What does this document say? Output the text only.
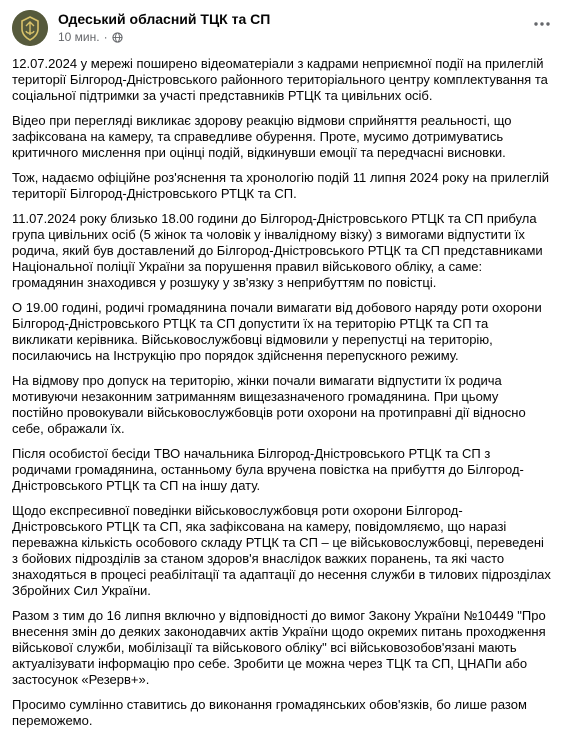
Одеський обласний ТЦК та СП
10 мин. ·

12.07.2024 у мережі поширено відеоматеріали з кадрами неприємної події на прилеглій території Білгород-Дністровського районного територіального центру комплектування та соціальної підтримки за участі представників РТЦК та цивільних осіб.

Відео при перегляді викликає здорову реакцію відмови сприйняття реальності, що зафіксована на камеру, та справедливе обурення. Проте, мусимо дотримуватись критичного мислення при оцінці подій, відкинувши емоції та передчасні висновки.

Тож, надаємо офіційне роз'яснення та хронологію подій 11 липня 2024 року на прилеглій території Білгород-Дністровського РТЦК та СП.

11.07.2024 року близько 18.00 години до Білгород-Дністровського РТЦК та СП прибула група цивільних осіб (5 жінок та чоловік у інвалідному візку) з вимогами відпустити їх родича, який був доставлений до Білгород-Дністровського РТЦК та СП представниками Національної поліції України за порушення правил військового обліку, а саме: громадянин знаходився у розшуку у зв'язку з неприбуттям по повістці.

О 19.00 годині, родичі громадянина почали вимагати від добового наряду роти охорони Білгород-Дністровського РТЦК та СП допустити їх на територію РТЦК та СП та викликати керівника. Військовослужбовці відмовили у перепустці на територію, посилаючись на Інструкцію про порядок здійснення перепускного режиму.

На відмову про допуск на територію, жінки почали вимагати відпустити їх родича мотивуючи незаконним затриманням вищезазначеного громадянина. При цьому постійно провокували військовослужбовців роти охорони на протиправні дії відносно себе, ображали їх.

Після особистої бесіди ТВО начальника Білгород-Дністровського РТЦК та СП з родичами громадянина, останньому була вручена повістка на прибуття до Білгород-Дністровського РТЦК та СП на іншу дату.

Щодо експресивної поведінки військовослужбовця роти охорони Білгород-Дністровського РТЦК та СП, яка зафіксована на камеру, повідомляємо, що наразі переважна кількість особового складу РТЦК та СП – це військовослужбовці, переведені з бойових підрозділів за станом здоров'я внаслідок важких поранень, та які часто знаходяться в процесі реабілітації та адаптації до несення служби в тилових підрозділах Збройних Сил України.

Разом з тим до 16 липня включно у відповідності до вимог Закону України №10449 "Про внесення змін до деяких законодавчих актів України щодо окремих питань проходження військової служби, мобілізації та військового обліку" всі військовозобов'язані мають актуалізувати інформацію про себе. Зробити це можна через ТЦК та СП, ЦНАПи або застосунок «Резерв+».

Просимо сумлінно ставитись до виконання громадянських обов'язків, бо лише разом переможемо.
